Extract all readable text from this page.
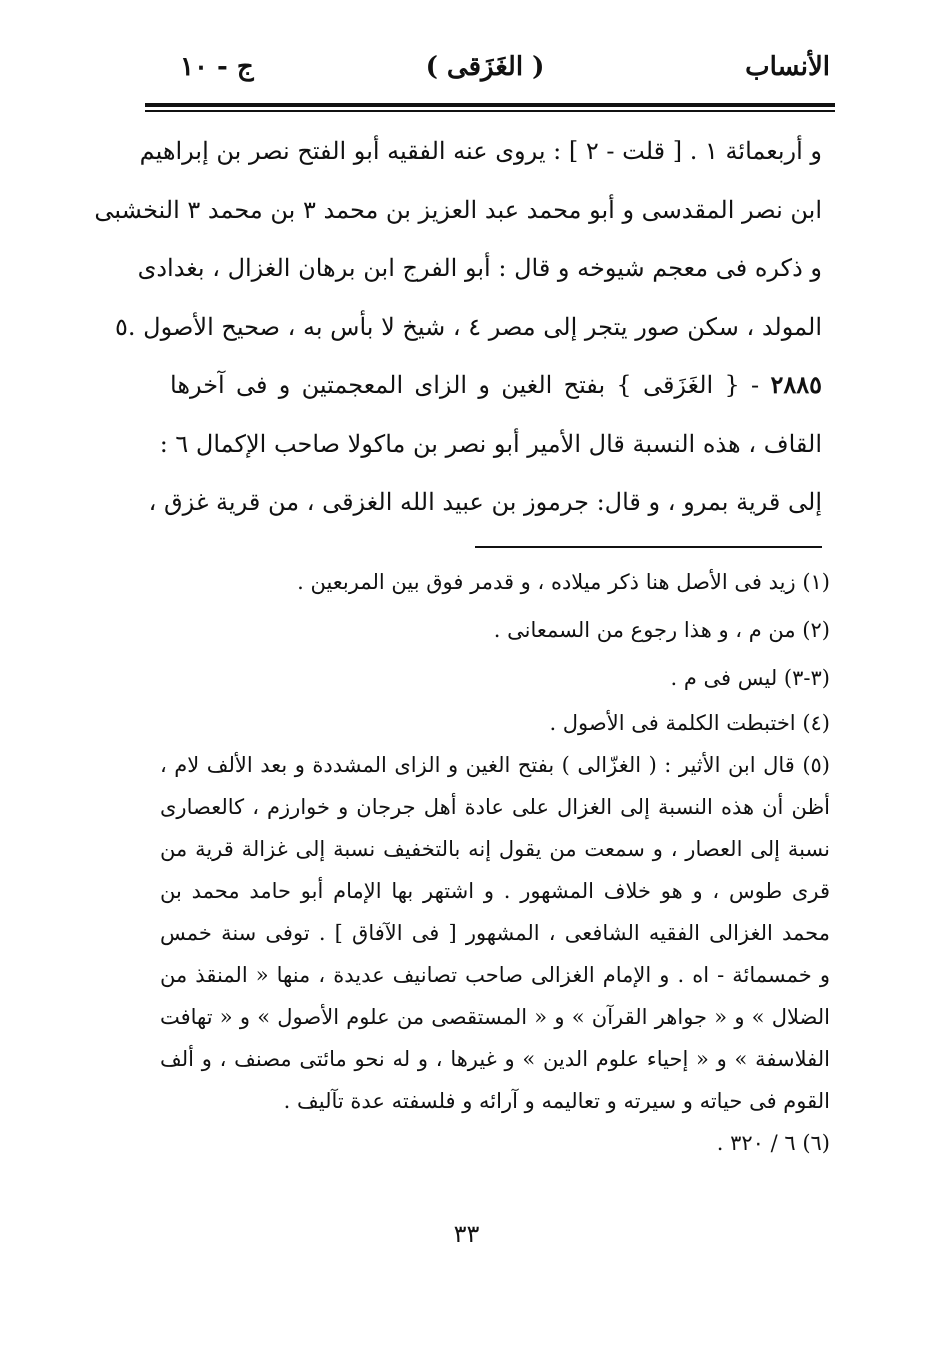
الأنساب
( الغَزَقى )
ج - ١٠
و أربعمائة ١ . [ قلت - ٢ ] : يروى عنه الفقيه أبو الفتح نصر بن إبراهيم
ابن نصر المقدسى و أبو محمد عبد العزيز بن محمد ٣ بن محمد ٣ النخشبى
و ذكره فى معجم شيوخه و قال : أبو الفرج ابن برهان الغزال ، بغدادى
المولد ، سكن صور يتجر إلى مصر ٤ ، شيخ لا بأس به ، صحيح الأصول .٥
٢٨٨٥ - { الغَزَقى } بفتح الغين و الزاى المعجمتين و فى آخرها
القاف ، هذه النسبة قال الأمير أبو نصر بن ماكولا صاحب الإكمال ٦ :
إلى قرية بمرو ، و قال: جرموز بن عبيد الله الغزقى ، من قرية غزق ،
(١) زيد فى الأصل هنا ذكر ميلاده ، و قدمر فوق بين المربعين .
(٢) من م ، و هذا رجوع من السمعانى .
(٣-٣) ليس فى م .
(٤) اختبطت الكلمة فى الأصول .
(٥) قال ابن الأثير : ( الغزّالى ) بفتح الغين و الزاى المشددة و بعد الألف لام ،
أظن أن هذه النسبة إلى الغزال على عادة أهل جرجان و خوارزم ، كالعصارى
نسبة إلى العصار ، و سمعت من يقول إنه بالتخفيف نسبة إلى غزالة قرية من
قرى طوس ، و هو خلاف المشهور . و اشتهر بها الإمام أبو حامد محمد بن
محمد الغزالى الفقيه الشافعى ، المشهور [ فى الآفاق ] . توفى سنة خمس
و خمسمائة - اه . و الإمام الغزالى صاحب تصانيف عديدة ، منها « المنقذ من
الضلال » و « جواهر القرآن » و « المستقصى من علوم الأصول » و « تهافت
الفلاسفة » و « إحياء علوم الدين » و غيرها ، و له نحو مائتى مصنف ، و ألف
القوم فى حياته و سيرته و تعاليمه و آرائه و فلسفته عدة تآليف .
(٦) ٦ / ٣٢٠ .
٣٣
